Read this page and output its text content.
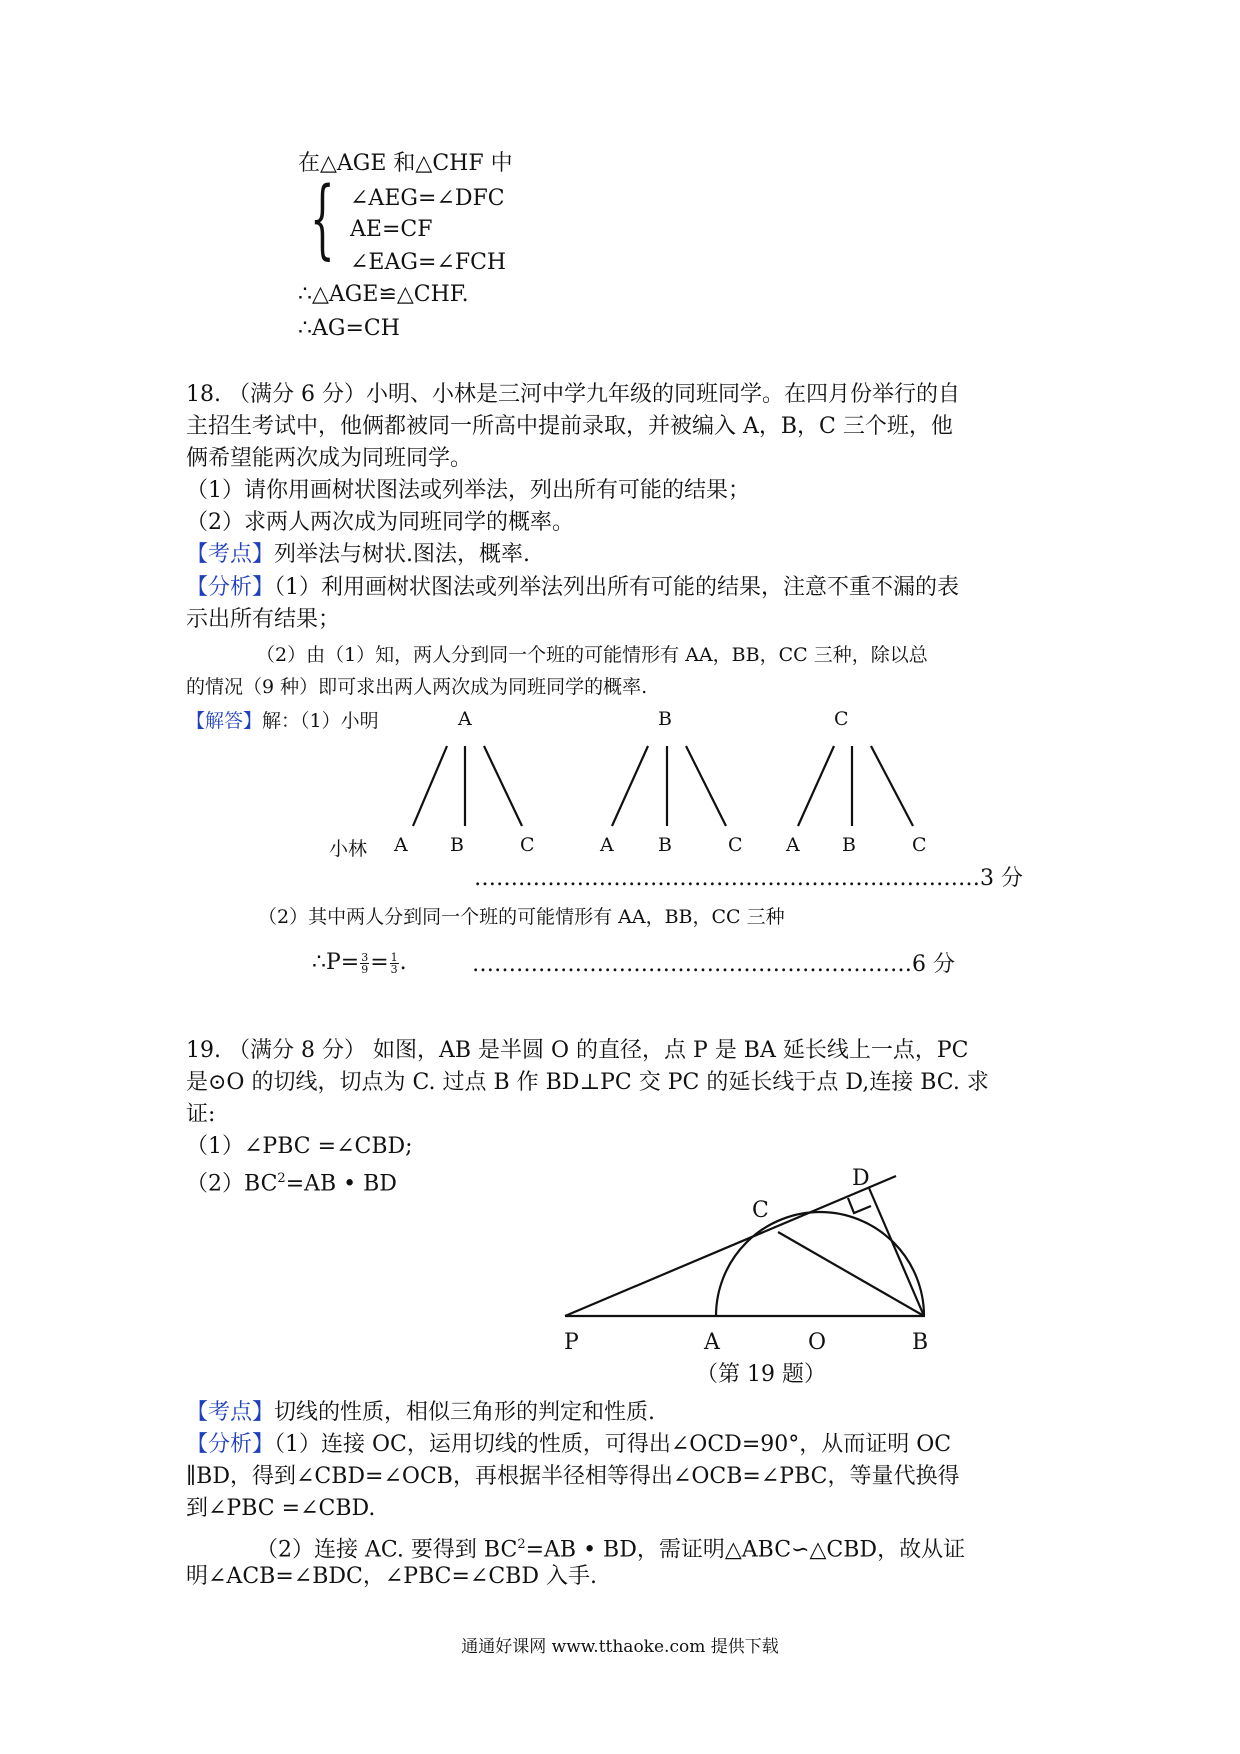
在△AGE 和△CHF 中
{ ∠AEG=∠DFC
AE=CF
∠EAG=∠FCH
∴△AGE≌△CHF.
∴AG=CH
18. （满分 6 分）小明、小林是三河中学九年级的同班同学。在四月份举行的自
主招生考试中，他俩都被同一所高中提前录取，并被编入 A，B，C 三个班，他
俩希望能两次成为同班同学。
（1）请你用画树状图法或列举法，列出所有可能的结果；
（2）求两人两次成为同班同学的概率。
【考点】列举法与树状.图法，概率.
【分析】（1）利用画树状图法或列举法列出所有可能的结果，注意不重不漏的表
示出所有结果；
（2）由（1）知，两人分到同一个班的可能情形有 AA，BB，CC 三种，除以总
的情况（9 种）即可求出两人两次成为同班同学的概率.
【解答】解：（1）小明	A	B	C
小林 A B	C	A B	C A B	C
……………………………………………………………3 分
（2）其中两人分到同一个班的可能情形有 AA，BB，CC 三种
∴P= $\frac{3}{9} = \frac{1}{3}$ .	……………………………………………………6 分
19. （满分 8 分） 如图，AB 是半圆 O 的直径，点 P 是 BA 延长线上一点，PC
是⊙O 的切线，切点为 C. 过点 B 作 BD⊥PC 交 PC 的延长线于点 D,连接 BC. 求
证:
（1）∠PBC =∠CBD;
$(2)BC^2=AB$ • BD	D
C
P	A	O	B
（第 19 题）
【考点】切线的性质，相似三角形的判定和性质.
【分析】（1）连接 OC，运用切线的性质，可得出∠OCD=90°，从而证明 OC
∥BD，得到∠CBD=∠OCB，再根据半径相等得出∠OCB=∠PBC，等量代换得
到∠PBC =∠CBD.
（2）连接 AC. 要得到 $BC^2=AB$ • BD，需证明△ABC∽△CBD，故从证
明∠ACB=∠BDC，∠PBC=∠CBD 入手.
通通好课网 www.tthaoke.com 提供下载
